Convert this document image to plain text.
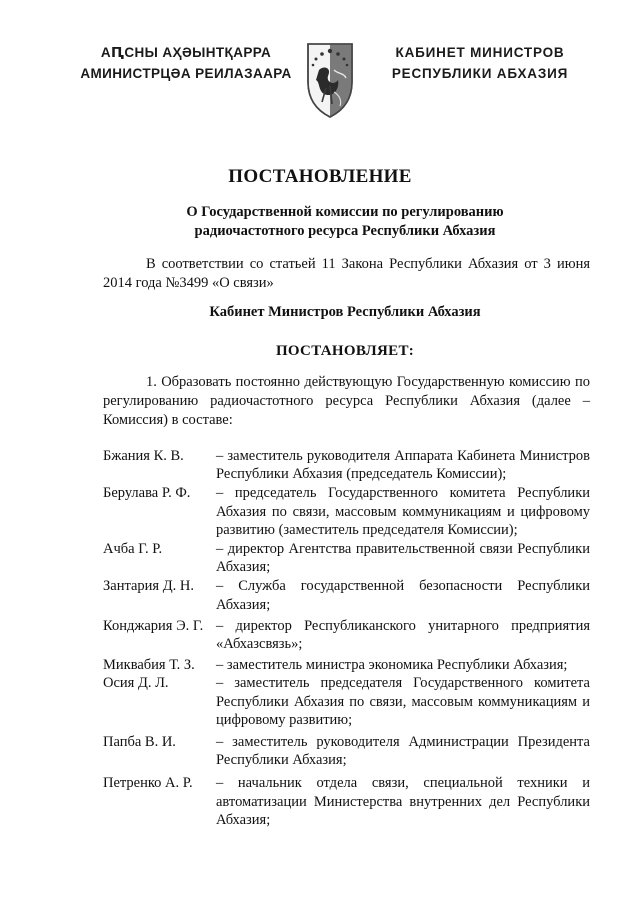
АԤСНЫ АҲӘЫНТҚАРРА
АМИНИСТРЦӘА РЕИЛАЗААРА
КАБИНЕТ МИНИСТРОВ
РЕСПУБЛИКИ АБХАЗИЯ
ПОСТАНОВЛЕНИЕ
О Государственной комиссии по регулированию
радиочастотного ресурса Республики Абхазия
В соответствии со статьей 11 Закона Республики Абхазия от 3 июня 2014 года №3499 «О связи»
Кабинет Министров Республики Абхазия
ПОСТАНОВЛЯЕТ:
1. Образовать постоянно действующую Государственную комиссию по регулированию радиочастотного ресурса Республики Абхазия (далее – Комиссия) в составе:
Бжания К. В.	– заместитель руководителя Аппарата Кабинета Министров Республики Абхазия (председатель Комиссии);
Берулава Р. Ф.	– председатель Государственного комитета Республики Абхазия по связи, массовым коммуникациям и цифровому развитию (заместитель председателя Комиссии);
Ачба Г. Р.	– директор Агентства правительственной связи Республики Абхазия;
Зантария Д. Н.	– Служба государственной безопасности Республики Абхазия;
Конджария Э. Г. – директор Республиканского унитарного предприятия «Абхазсвязь»;
Миквабия Т. З.	– заместитель министра экономика Республики Абхазия;
Осия Д. Л.	– заместитель председателя Государственного комитета Республики Абхазия по связи, массовым коммуникациям и цифровому развитию;
Папба В. И.	– заместитель руководителя Администрации Президента Республики Абхазия;
Петренко А. Р.	– начальник отдела связи, специальной техники и автоматизации Министерства внутренних дел Республики Абхазия;
